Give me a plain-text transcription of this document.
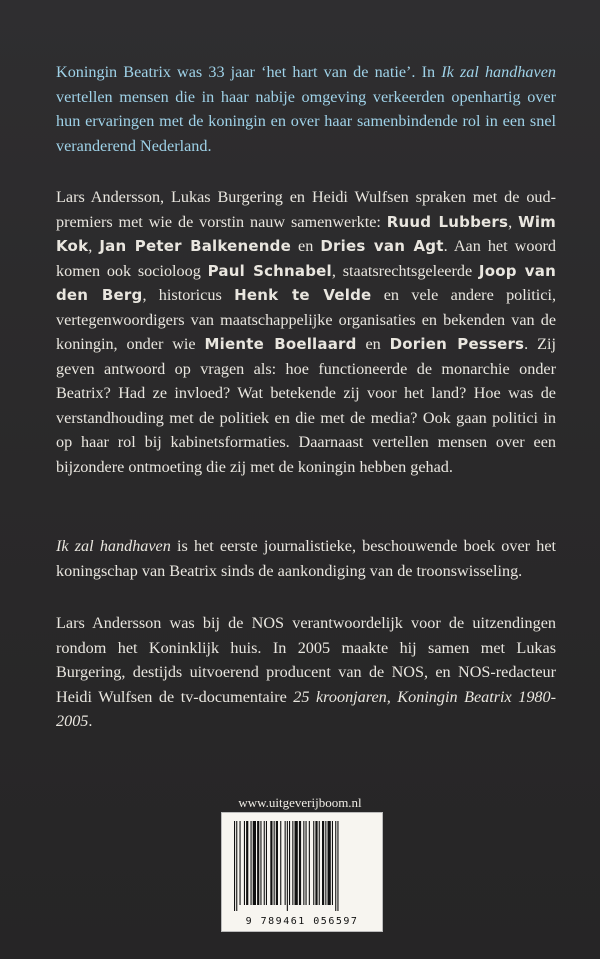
Koningin Beatrix was 33 jaar ‘het hart van de natie’. In Ik zal handhaven vertellen mensen die in haar nabije omgeving verkeerden openhartig over hun ervaringen met de koningin en over haar samenbindende rol in een snel veranderend Nederland.

Lars Andersson, Lukas Burgering en Heidi Wulfsen spraken met de oud-premiers met wie de vorstin nauw samenwerkte: Ruud Lubbers, Wim Kok, Jan Peter Balkenende en Dries van Agt. Aan het woord komen ook socioloog Paul Schnabel, staatsrechtsgeleerde Joop van den Berg, historicus Henk te Velde en vele andere politici, vertegenwoordigers van maatschappelijke organisaties en bekenden van de koningin, onder wie Miente Boellaard en Dorien Pessers. Zij geven antwoord op vragen als: hoe functioneerde de monarchie onder Beatrix? Had ze invloed? Wat betekende zij voor het land? Hoe was de verstandhouding met de politiek en die met de media? Ook gaan politici in op haar rol bij kabinetsformaties. Daarnaast vertellen mensen over een bijzondere ontmoeting die zij met de koningin hebben gehad.

Ik zal handhaven is het eerste journalistieke, beschouwende boek over het koningschap van Beatrix sinds de aankondiging van de troonswisseling.

Lars Andersson was bij de NOS verantwoordelijk voor de uitzendingen rondom het Koninklijk huis. In 2005 maakte hij samen met Lukas Burgering, destijds uitvoerend producent van de NOS, en NOS-redacteur Heidi Wulfsen de tv-documentaire 25 kroonjaren, Koningin Beatrix 1980-2005.

www.uitgeverijboom.nl
9 789461 056597
